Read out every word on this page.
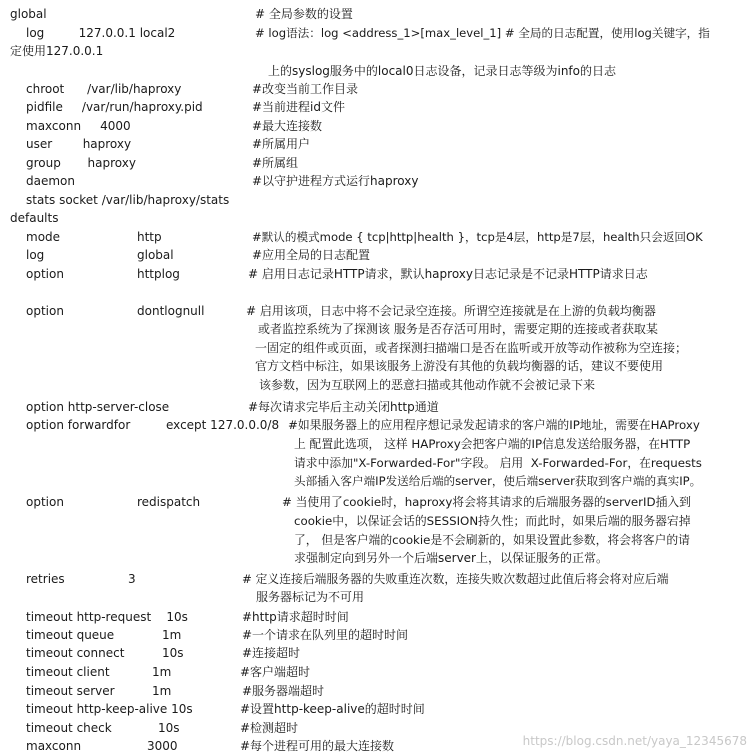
global	# 全局参数的设置
log         127.0.0.1 local2	# log语法：log <address_1>[max_level_1] # 全局的日志配置，使用log关键字，指
定使用127.0.0.1
上的syslog服务中的local0日志设备，记录日志等级为info的日志
chroot      /var/lib/haproxy	#改变当前工作目录
pidfile     /var/run/haproxy.pid	#当前进程id文件
maxconn     4000	#最大连接数
user        haproxy	#所属用户
group       haproxy	#所属组
daemon	#以守护进程方式运行haproxy
stats socket /var/lib/haproxy/stats
defaults
mode	http	#默认的模式mode { tcp|http|health }，tcp是4层，http是7层，health只会返回OK
log	global	#应用全局的日志配置
option	httplog	# 启用日志记录HTTP请求，默认haproxy日志记录是不记录HTTP请求日志
option	dontlognull	# 启用该项，日志中将不会记录空连接。所谓空连接就是在上游的负载均衡器
或者监控系统为了探测该 服务是否存活可用时，需要定期的连接或者获取某
一固定的组件或页面，或者探测扫描端口是否在监听或开放等动作被称为空连接；
官方文档中标注，如果该服务上游没有其他的负载均衡器的话，建议不要使用
该参数，因为互联网上的恶意扫描或其他动作就不会被记录下来
option http-server-close	#每次请求完毕后主动关闭http通道
option forwardfor	except 127.0.0.0/8 #如果服务器上的应用程序想记录发起请求的客户端的IP地址，需要在HAProxy
上 配置此选项， 这样 HAProxy会把客户端的IP信息发送给服务器，在HTTP
请求中添加"X-Forwarded-For"字段。 启用  X-Forwarded-For，在requests
头部插入客户端IP发送给后端的server，使后端server获取到客户端的真实IP。
option	redispatch	# 当使用了cookie时，haproxy将会将其请求的后端服务器的serverID插入到
cookie中，以保证会话的SESSION持久性；而此时，如果后端的服务器宕掉
了， 但是客户端的cookie是不会刷新的，如果设置此参数，将会将客户的请
求强制定向到另外一个后端server上，以保证服务的正常。
retries	3	# 定义连接后端服务器的失败重连次数，连接失败次数超过此值后将会将对应后端
服务器标记为不可用
timeout http-request    10s	#http请求超时时间
timeout queue	1m	#一个请求在队列里的超时时间
timeout connect	10s	#连接超时
timeout client	1m	#客户端超时
timeout server	1m	#服务器端超时
timeout http-keep-alive 10s	#设置http-keep-alive的超时时间
timeout check	10s	#检测超时
maxconn	3000	#每个进程可用的最大连接数	https://blog.csdn.net/yaya_12345678
